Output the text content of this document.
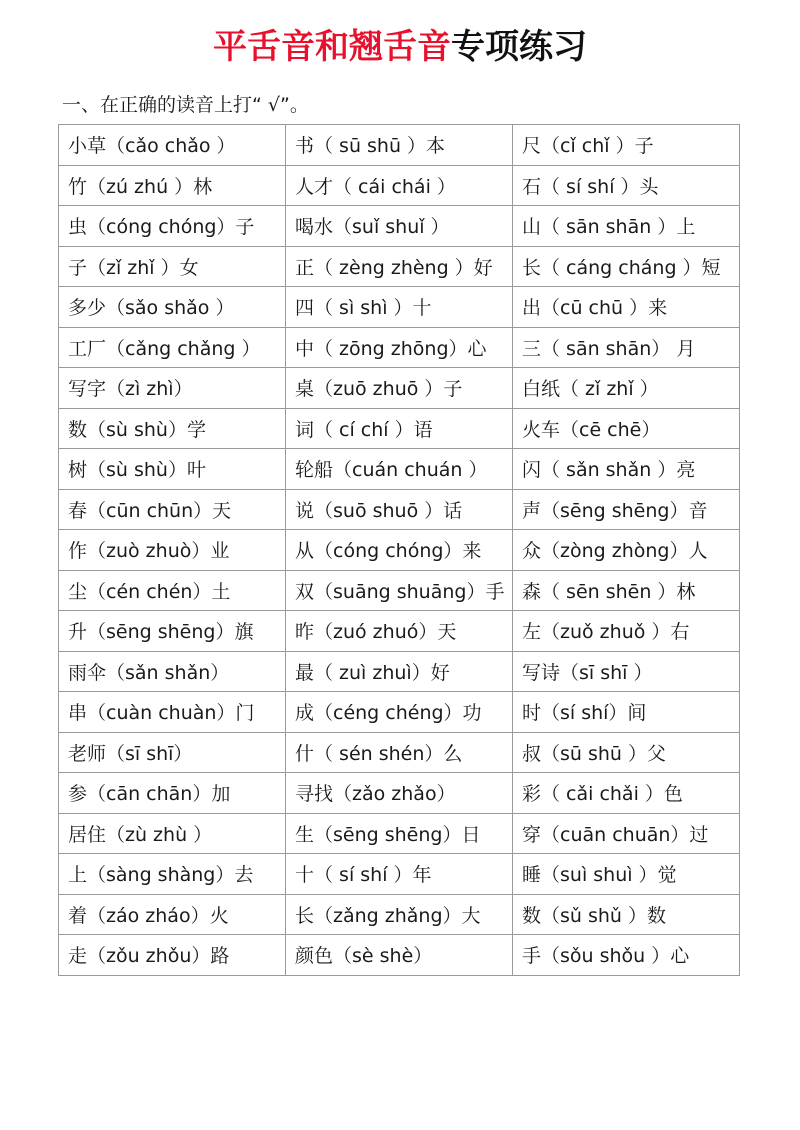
平舌音和翘舌音专项练习
一、在正确的读音上打“ √”。
小草（cǎo chǎo ）	书（ sū shū ）本	尺（cǐ chǐ ）子
竹（zú zhú ）林	人才（ cái chái ）	石（ sí shí ）头
虫（cóng chóng）子	喝水（suǐ shuǐ ）	山（ sān shān ）上
子（zǐ zhǐ ）女	正（ zèng zhèng ）好	长（ cáng cháng ）短
多少（sǎo shǎo ）	四（ sì shì ）十	出（cū chū ）来
工厂（cǎng chǎng ）	中（ zōng zhōng）心	三（ sān shān） 月
写字（zì zhì）	桌（zuō zhuō ）子	白纸（ zǐ zhǐ ）
数（sù shù）学	词（ cí chí ）语	火车（cē chē）
树（sù shù）叶	轮船（cuán chuán ）	闪（ sǎn shǎn ）亮
春（cūn chūn）天	说（suō shuō ）话	声（sēng shēng）音
作（zuò zhuò）业	从（cóng chóng）来	众（zòng zhòng）人
尘（cén chén）土	双（suāng shuāng）手	森（ sēn shēn ）林
升（sēng shēng）旗	昨（zuó zhuó）天	左（zuǒ zhuǒ ）右
雨伞（sǎn shǎn）	最（ zuì zhuì）好	写诗（sī shī ）
串（cuàn chuàn）门	成（céng chéng）功	时（sí shí）间
老师（sī shī）	什（ sén shén）么	叔（sū shū ）父
参（cān chān）加	寻找（zǎo zhǎo）	彩（ cǎi chǎi ）色
居住（zù zhù ）	生（sēng shēng）日	穿（cuān chuān）过
上（sàng shàng）去	十（ sí shí ）年	睡（suì shuì ）觉
着（záo zháo）火	长（zǎng zhǎng）大	数（sǔ shǔ ）数
走（zǒu zhǒu）路	颜色（sè shè）	手（sǒu shǒu ）心
